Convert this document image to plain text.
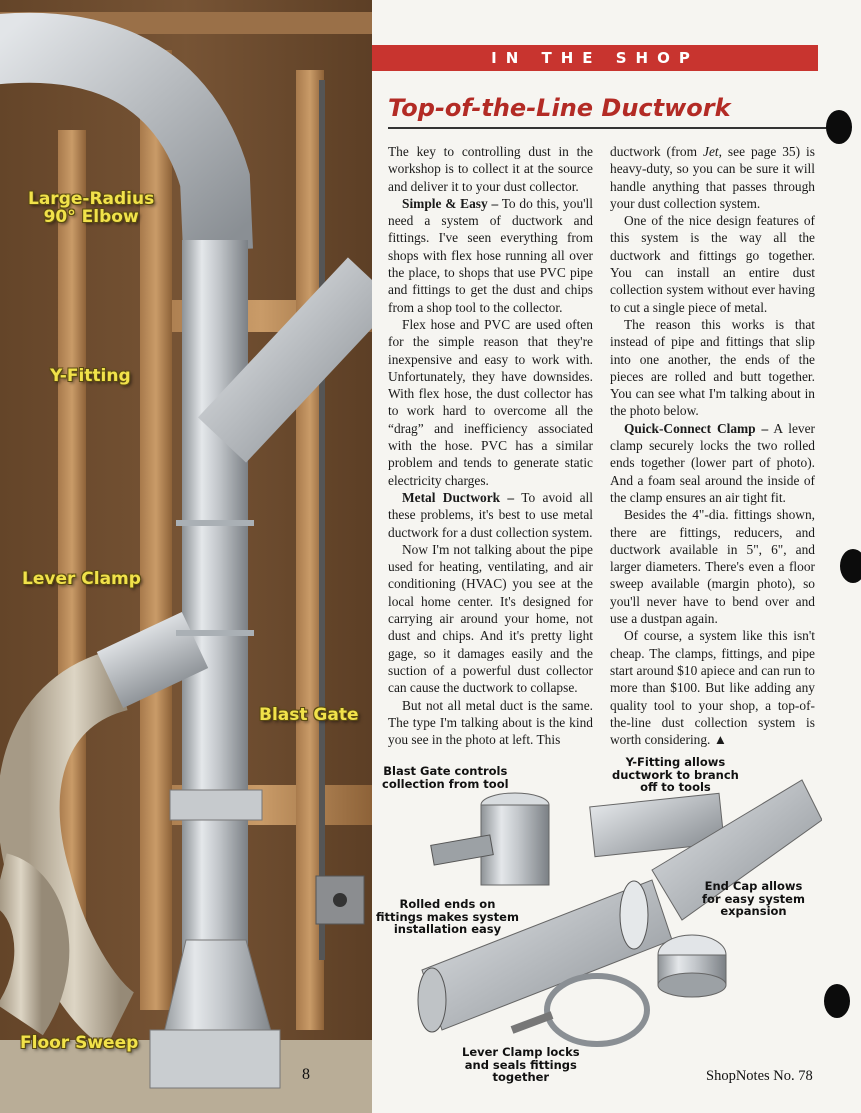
Large-Radius
90° Elbow
Y-Fitting
Lever Clamp
Blast Gate
Floor Sweep
8
IN THE SHOP
Top-of-the-Line Ductwork

The key to controlling dust in the workshop is to collect it at the source and deliver it to your dust collector.

Simple & Easy – To do this, you'll need a system of ductwork and fittings. I've seen everything from shops with flex hose running all over the place, to shops that use PVC pipe and fittings to get the dust and chips from a shop tool to the collector.

Flex hose and PVC are used often for the simple reason that they're inexpensive and easy to work with. Unfortunately, they have downsides. With flex hose, the dust collector has to work hard to overcome all the “drag” and inefficiency associated with the hose. PVC has a similar problem and tends to generate static electricity charges.

Metal Ductwork – To avoid all these problems, it's best to use metal ductwork for a dust collection system.

Now I'm not talking about the pipe used for heating, ventilating, and air conditioning (HVAC) you see at the local home center. It's designed for carrying air around your home, not dust and chips. And it's pretty light gage, so it damages easily and the suction of a powerful dust collector can cause the ductwork to collapse.

But not all metal duct is the same. The type I'm talking about is the kind you see in the photo at left. This

ductwork (from Jet, see page 35) is heavy-duty, so you can be sure it will handle anything that passes through your dust collection system.

One of the nice design features of this system is the way all the ductwork and fittings go together. You can install an entire dust collection system without ever having to cut a single piece of metal.

The reason this works is that instead of pipe and fittings that slip into one another, the ends of the pieces are rolled and butt together. You can see what I'm talking about in the photo below.

Quick-Connect Clamp – A lever clamp securely locks the two rolled ends together (lower part of photo). And a foam seal around the inside of the clamp ensures an air tight fit.

Besides the 4"-dia. fittings shown, there are fittings, reducers, and ductwork available in 5", 6", and larger diameters. There's even a floor sweep available (margin photo), so you'll never have to bend over and use a dustpan again.

Of course, a system like this isn't cheap. The clamps, fittings, and pipe start around $10 apiece and can run to more than $100. But like adding any quality tool to your shop, a top-of-the-line dust collection system is worth considering. ▲

Blast Gate controls
collection from tool
Y-Fitting allows
ductwork to branch
off to tools
Rolled ends on
fittings makes system
installation easy
End Cap allows
for easy system
expansion
Lever Clamp locks
and seals fittings
together	ShopNotes No. 78
